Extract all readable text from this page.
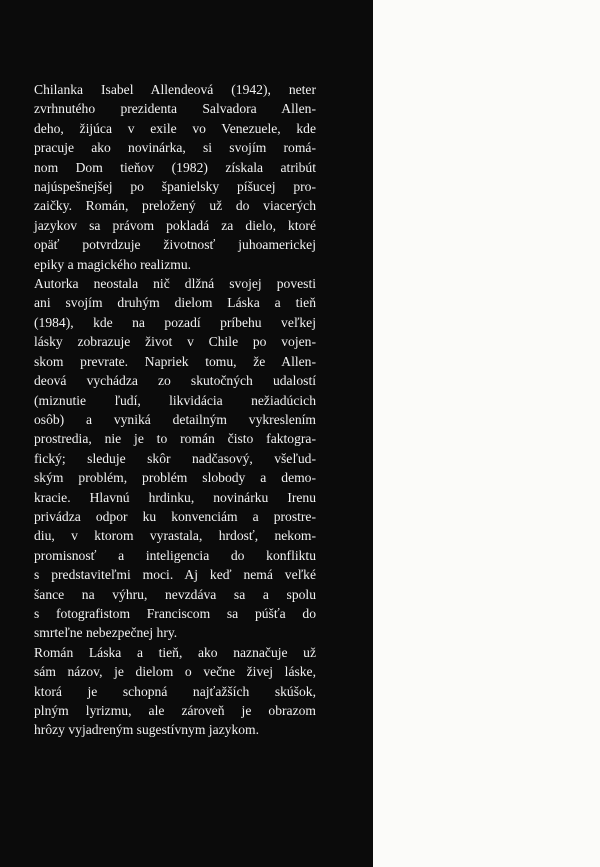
Chilanka Isabel Allendeová (1942), neter
zvrhnutého prezidenta Salvadora Allen-
deho, žijúca v exile vo Venezuele, kde
pracuje ako novinárka, si svojím romá-
nom Dom tieňov (1982) získala atribút
najúspešnejšej po španielsky píšucej pro-
zaičky. Román, preložený už do viacerých
jazykov sa právom pokladá za dielo, ktoré
opäť potvrdzuje životnosť juhoamerickej
epiky a magického realizmu.
Autorka neostala nič dlžná svojej povesti
ani svojím druhým dielom Láska a tieň
(1984), kde na pozadí príbehu veľkej
lásky zobrazuje život v Chile po vojen-
skom prevrate. Napriek tomu, že Allen-
deová vychádza zo skutočných udalostí
(miznutie ľudí, likvidácia nežiadúcich
osôb) a vyniká detailným vykreslením
prostredia, nie je to román čisto faktogra-
fický; sleduje skôr nadčasový, všeľud-
ským problém, problém slobody a demo-
kracie. Hlavnú hrdinku, novinárku Irenu
privádza odpor ku konvenciám a prostre-
diu, v ktorom vyrastala, hrdosť, nekom-
promisnosť a inteligencia do konfliktu
s predstaviteľmi moci. Aj keď nemá veľké
šance na výhru, nevzdáva sa a spolu
s fotografistom Franciscom sa púšťa do
smrteľne nebezpečnej hry.
Román Láska a tieň, ako naznačuje už
sám názov, je dielom o večne živej láske,
ktorá je schopná najťažších skúšok,
plným lyrizmu, ale zároveň je obrazom
hrôzy vyjadreným sugestívnym jazykom.
